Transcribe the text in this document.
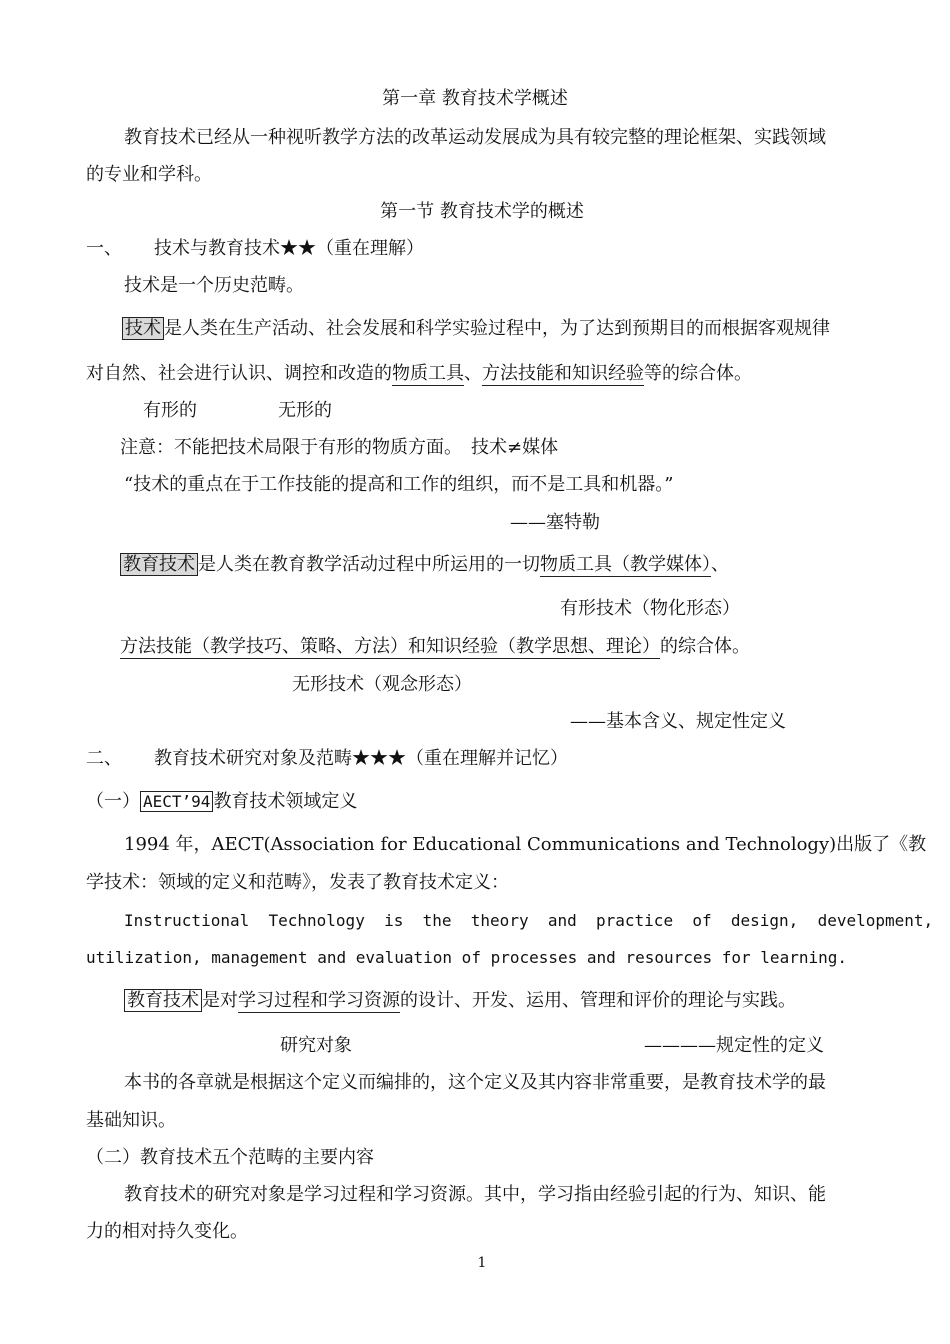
第一章 教育技术学概述
教育技术已经从一种视听教学方法的改革运动发展成为具有较完整的理论框架、实践领域
的专业和学科。
第一节 教育技术学的概述
一、 技术与教育技术★★（重在理解）
技术是一个历史范畴。
技术 是人类在生产活动、社会发展和科学实验过程中，为了达到预期目的而根据客观规律
对自然、社会进行认识、调控和改造的物质工具、方法技能和知识经验等的综合体。
有形的	无形的
注意：不能把技术局限于有形的物质方面。　技术≠媒体
“技术的重点在于工作技能的提高和工作的组织，而不是工具和机器。”
——塞特勒
教育技术 是人类在教育教学活动过程中所运用的一切物质工具（教学媒体）、
有形技术（物化形态）
方法技能（教学技巧、策略、方法）和知识经验（教学思想、理论）的综合体。
无形技术（观念形态）
——基本含义、规定性定义
二、 教育技术研究对象及范畴★★★（重在理解并记忆）
（一） AECT’94 教育技术领域定义
1994 年，AECT(Association for Educational Communications and Technology)出版了《教
学技术：领域的定义和范畴》，发表了教育技术定义：
Instructional  Technology  is  the  theory  and  practice  of  design,  development,
utilization, management and evaluation of processes and resources for learning.
教育技术 是对学习过程和学习资源的设计、开发、运用、管理和评价的理论与实践。
研究对象	————规定性的定义
本书的各章就是根据这个定义而编排的，这个定义及其内容非常重要，是教育技术学的最
基础知识。
（二）教育技术五个范畴的主要内容
教育技术的研究对象是学习过程和学习资源。其中，学习指由经验引起的行为、知识、能
力的相对持久变化。
1
